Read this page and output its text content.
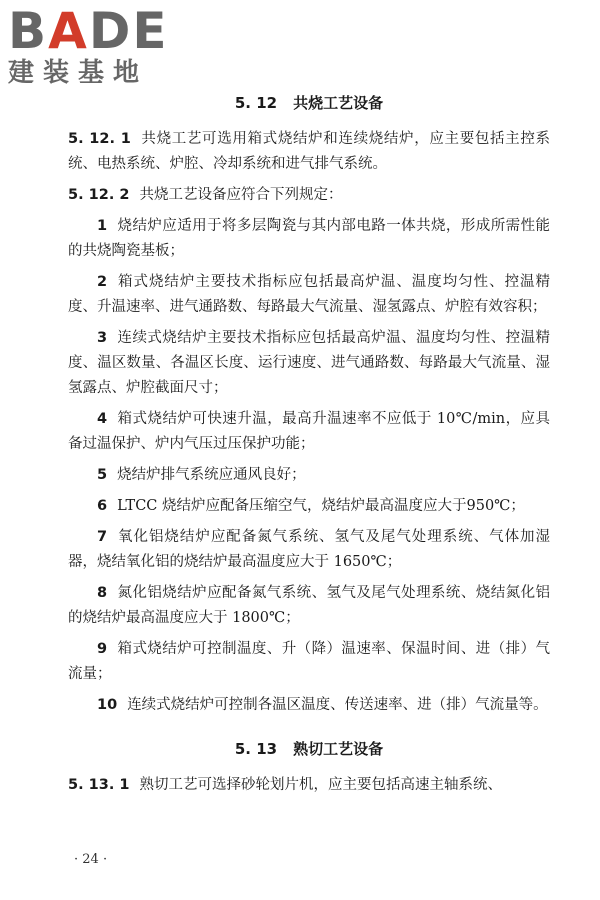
BADE
建装基地
5. 12 共烧工艺设备

5. 12. 1 共烧工艺可选用箱式烧结炉和连续烧结炉，应主要包括主控系统、电热系统、炉腔、冷却系统和进气排气系统。

5. 12. 2 共烧工艺设备应符合下列规定：

1 烧结炉应适用于将多层陶瓷与其内部电路一体共烧，形成所需性能的共烧陶瓷基板；

2 箱式烧结炉主要技术指标应包括最高炉温、温度均匀性、控温精度、升温速率、进气通路数、每路最大气流量、湿氢露点、炉腔有效容积；

3 连续式烧结炉主要技术指标应包括最高炉温、温度均匀性、控温精度、温区数量、各温区长度、运行速度、进气通路数、每路最大气流量、湿氢露点、炉腔截面尺寸；

4 箱式烧结炉可快速升温，最高升温速率不应低于 10℃/min，应具备过温保护、炉内气压过压保护功能；

5 烧结炉排气系统应通风良好；

6 LTCC 烧结炉应配备压缩空气，烧结炉最高温度应大于950℃；

7 氧化铝烧结炉应配备氮气系统、氢气及尾气处理系统、气体加湿器，烧结氧化铝的烧结炉最高温度应大于 1650℃；

8 氮化铝烧结炉应配备氮气系统、氢气及尾气处理系统、烧结氮化铝的烧结炉最高温度应大于 1800℃；

9 箱式烧结炉可控制温度、升（降）温速率、保温时间、进（排）气流量；

10 连续式烧结炉可控制各温区温度、传送速率、进（排）气流量等。

5. 13 熟切工艺设备

5. 13. 1 熟切工艺可选择砂轮划片机，应主要包括高速主轴系统、

· 24 ·
